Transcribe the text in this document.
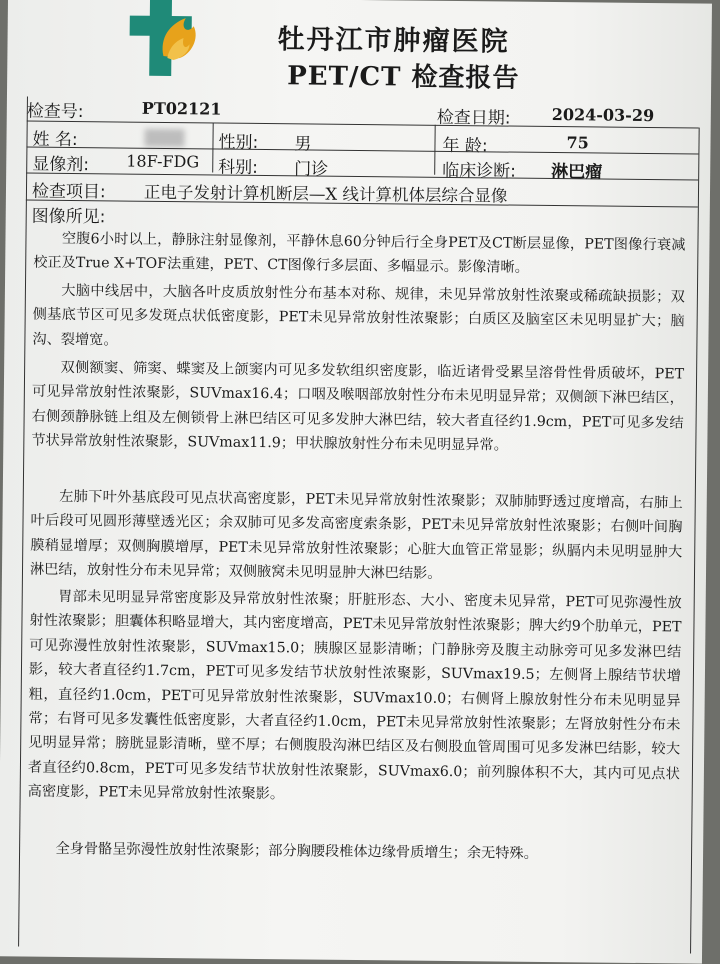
牡丹江市肿瘤医院
PET/CT 检查报告
检查号:	PT02121	检查日期:	2024-03-29
姓 名:	性别: 男	年 龄:	75
显像剂: 18F-FDG 科别: 门诊	临床诊断: 淋巴瘤
检查项目: 正电子发射计算机断层—X 线计算机体层综合显像
图像所见:

空腹6小时以上，静脉注射显像剂，平静休息60分钟后行全身PET及CT断层显像，PET图像行衰减校正及True X+TOF法重建，PET、CT图像行多层面、多幅显示。影像清晰。

大脑中线居中，大脑各叶皮质放射性分布基本对称、规律，未见异常放射性浓聚或稀疏缺损影；双侧基底节区可见多发斑点状低密度影，PET未见异常放射性浓聚影；白质区及脑室区未见明显扩大；脑沟、裂增宽。

双侧额窦、筛窦、蝶窦及上颌窦内可见多发软组织密度影，临近诸骨受累呈溶骨性骨质破坏，PET可见异常放射性浓聚影，SUVmax16.4；口咽及喉咽部放射性分布未见明显异常；双侧颌下淋巴结区，右侧颈静脉链上组及左侧锁骨上淋巴结区可见多发肿大淋巴结，较大者直径约1.9cm，PET可见多发结节状异常放射性浓聚影，SUVmax11.9；甲状腺放射性分布未见明显异常。

左肺下叶外基底段可见点状高密度影，PET未见异常放射性浓聚影；双肺肺野透过度增高，右肺上叶后段可见圆形薄壁透光区；余双肺可见多发高密度索条影，PET未见异常放射性浓聚影；右侧叶间胸膜稍显增厚；双侧胸膜增厚，PET未见异常放射性浓聚影；心脏大血管正常显影；纵膈内未见明显肿大淋巴结，放射性分布未见异常；双侧腋窝未见明显肿大淋巴结影。

胃部未见明显异常密度影及异常放射性浓聚；肝脏形态、大小、密度未见异常，PET可见弥漫性放射性浓聚影；胆囊体积略显增大，其内密度增高，PET未见异常放射性浓聚影；脾大约9个肋单元，PET可见弥漫性放射性浓聚影，SUVmax15.0；胰腺区显影清晰；门静脉旁及腹主动脉旁可见多发淋巴结影，较大者直径约1.7cm，PET可见多发结节状放射性浓聚影，SUVmax19.5；左侧肾上腺结节状增粗，直径约1.0cm，PET可见异常放射性浓聚影，SUVmax10.0；右侧肾上腺放射性分布未见明显异常；右肾可见多发囊性低密度影，大者直径约1.0cm，PET未见异常放射性浓聚影；左肾放射性分布未见明显异常；膀胱显影清晰，壁不厚；右侧腹股沟淋巴结区及右侧股血管周围可见多发淋巴结影，较大者直径约0.8cm，PET可见多发结节状放射性浓聚影，SUVmax6.0；前列腺体积不大，其内可见点状高密度影，PET未见异常放射性浓聚影。

全身骨骼呈弥漫性放射性浓聚影；部分胸腰段椎体边缘骨质增生；余无特殊。
